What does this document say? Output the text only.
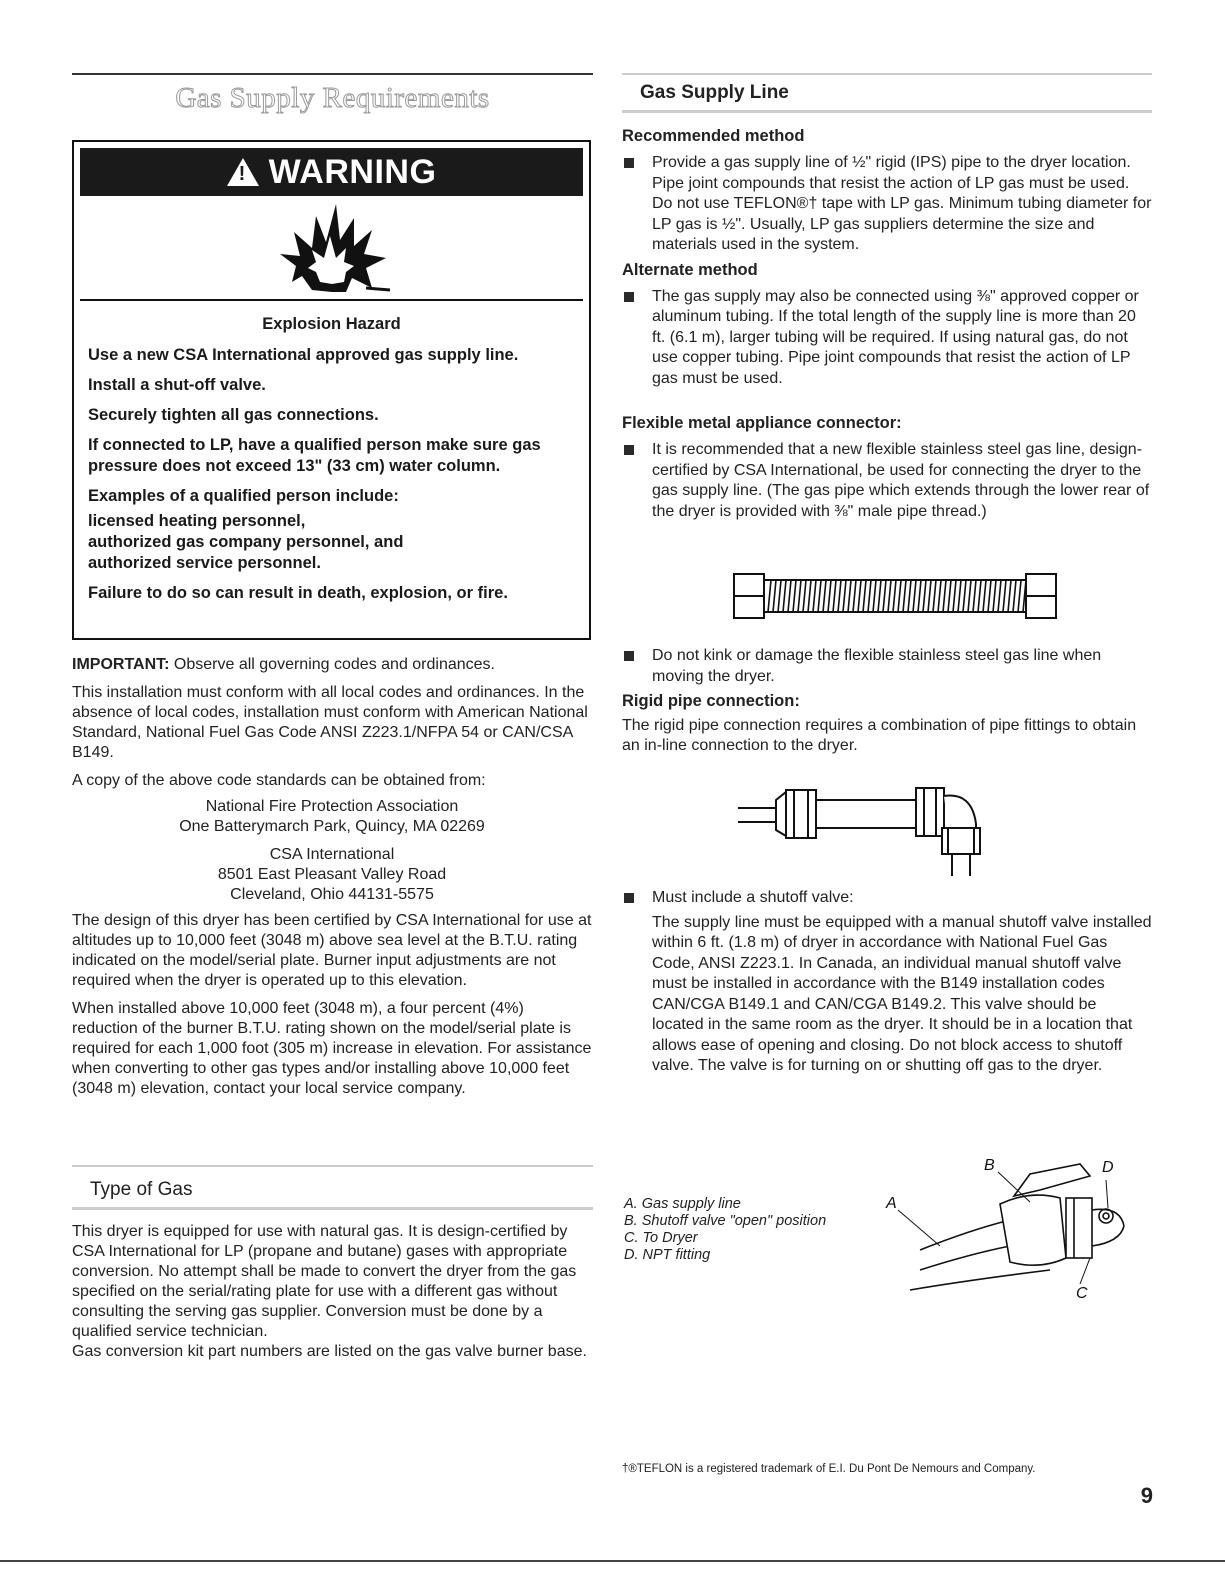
Gas Supply Requirements
! WARNING

Explosion Hazard

Use a new CSA International approved gas supply line.

Install a shut-off valve.

Securely tighten all gas connections.

If connected to LP, have a qualified person make sure gas pressure does not exceed 13" (33 cm) water column.

Examples of a qualified person include:

licensed heating personnel,

authorized gas company personnel, and

authorized service personnel.

Failure to do so can result in death, explosion, or fire.

IMPORTANT: Observe all governing codes and ordinances.

This installation must conform with all local codes and ordinances. In the absence of local codes, installation must conform with American National Standard, National Fuel Gas Code ANSI Z223.1/NFPA 54 or CAN/CSA B149.

A copy of the above code standards can be obtained from:

National Fire Protection Association

One Batterymarch Park, Quincy, MA 02269

CSA International

8501 East Pleasant Valley Road

Cleveland, Ohio 44131-5575

The design of this dryer has been certified by CSA International for use at altitudes up to 10,000 feet (3048 m) above sea level at the B.T.U. rating indicated on the model/serial plate. Burner input adjustments are not required when the dryer is operated up to this elevation.

When installed above 10,000 feet (3048 m), a four percent (4%) reduction of the burner B.T.U. rating shown on the model/serial plate is required for each 1,000 foot (305 m) increase in elevation. For assistance when converting to other gas types and/or installing above 10,000 feet (3048 m) elevation, contact your local service company.

Type of Gas

This dryer is equipped for use with natural gas. It is design-certified by CSA International for LP (propane and butane) gases with appropriate conversion. No attempt shall be made to convert the dryer from the gas specified on the serial/rating plate for use with a different gas without consulting the serving gas supplier. Conversion must be done by a qualified service technician.

Gas conversion kit part numbers are listed on the gas valve burner base.

Gas Supply Line

Recommended method

Provide a gas supply line of ½" rigid (IPS) pipe to the dryer location. Pipe joint compounds that resist the action of LP gas must be used. Do not use TEFLON®† tape with LP gas. Minimum tubing diameter for LP gas is ½". Usually, LP gas suppliers determine the size and materials used in the system.

Alternate method

The gas supply may also be connected using ⅜" approved copper or aluminum tubing. If the total length of the supply line is more than 20 ft. (6.1 m), larger tubing will be required. If using natural gas, do not use copper tubing. Pipe joint compounds that resist the action of LP gas must be used.

Flexible metal appliance connector:

It is recommended that a new flexible stainless steel gas line, design-certified by CSA International, be used for connecting the dryer to the gas supply line. (The gas pipe which extends through the lower rear of the dryer is provided with ⅜" male pipe thread.)
Do not kink or damage the flexible stainless steel gas line when moving the dryer.

Rigid pipe connection:

The rigid pipe connection requires a combination of pipe fittings to obtain an in-line connection to the dryer.

Must include a shutoff valve:

The supply line must be equipped with a manual shutoff valve installed within 6 ft. (1.8 m) of dryer in accordance with National Fuel Gas Code, ANSI Z223.1. In Canada, an individual manual shutoff valve must be installed in accordance with the B149 installation codes CAN/CGA B149.1 and CAN/CGA B149.2. This valve should be located in the same room as the dryer. It should be in a location that allows ease of opening and closing. Do not block access to shutoff valve. The valve is for turning on or shutting off gas to the dryer.

A. Gas supply line
B. Shutoff valve "open" position
C. To Dryer
D. NPT fitting
A
B	D
C
†®TEFLON is a registered trademark of E.I. Du Pont De Nemours and Company.
9
